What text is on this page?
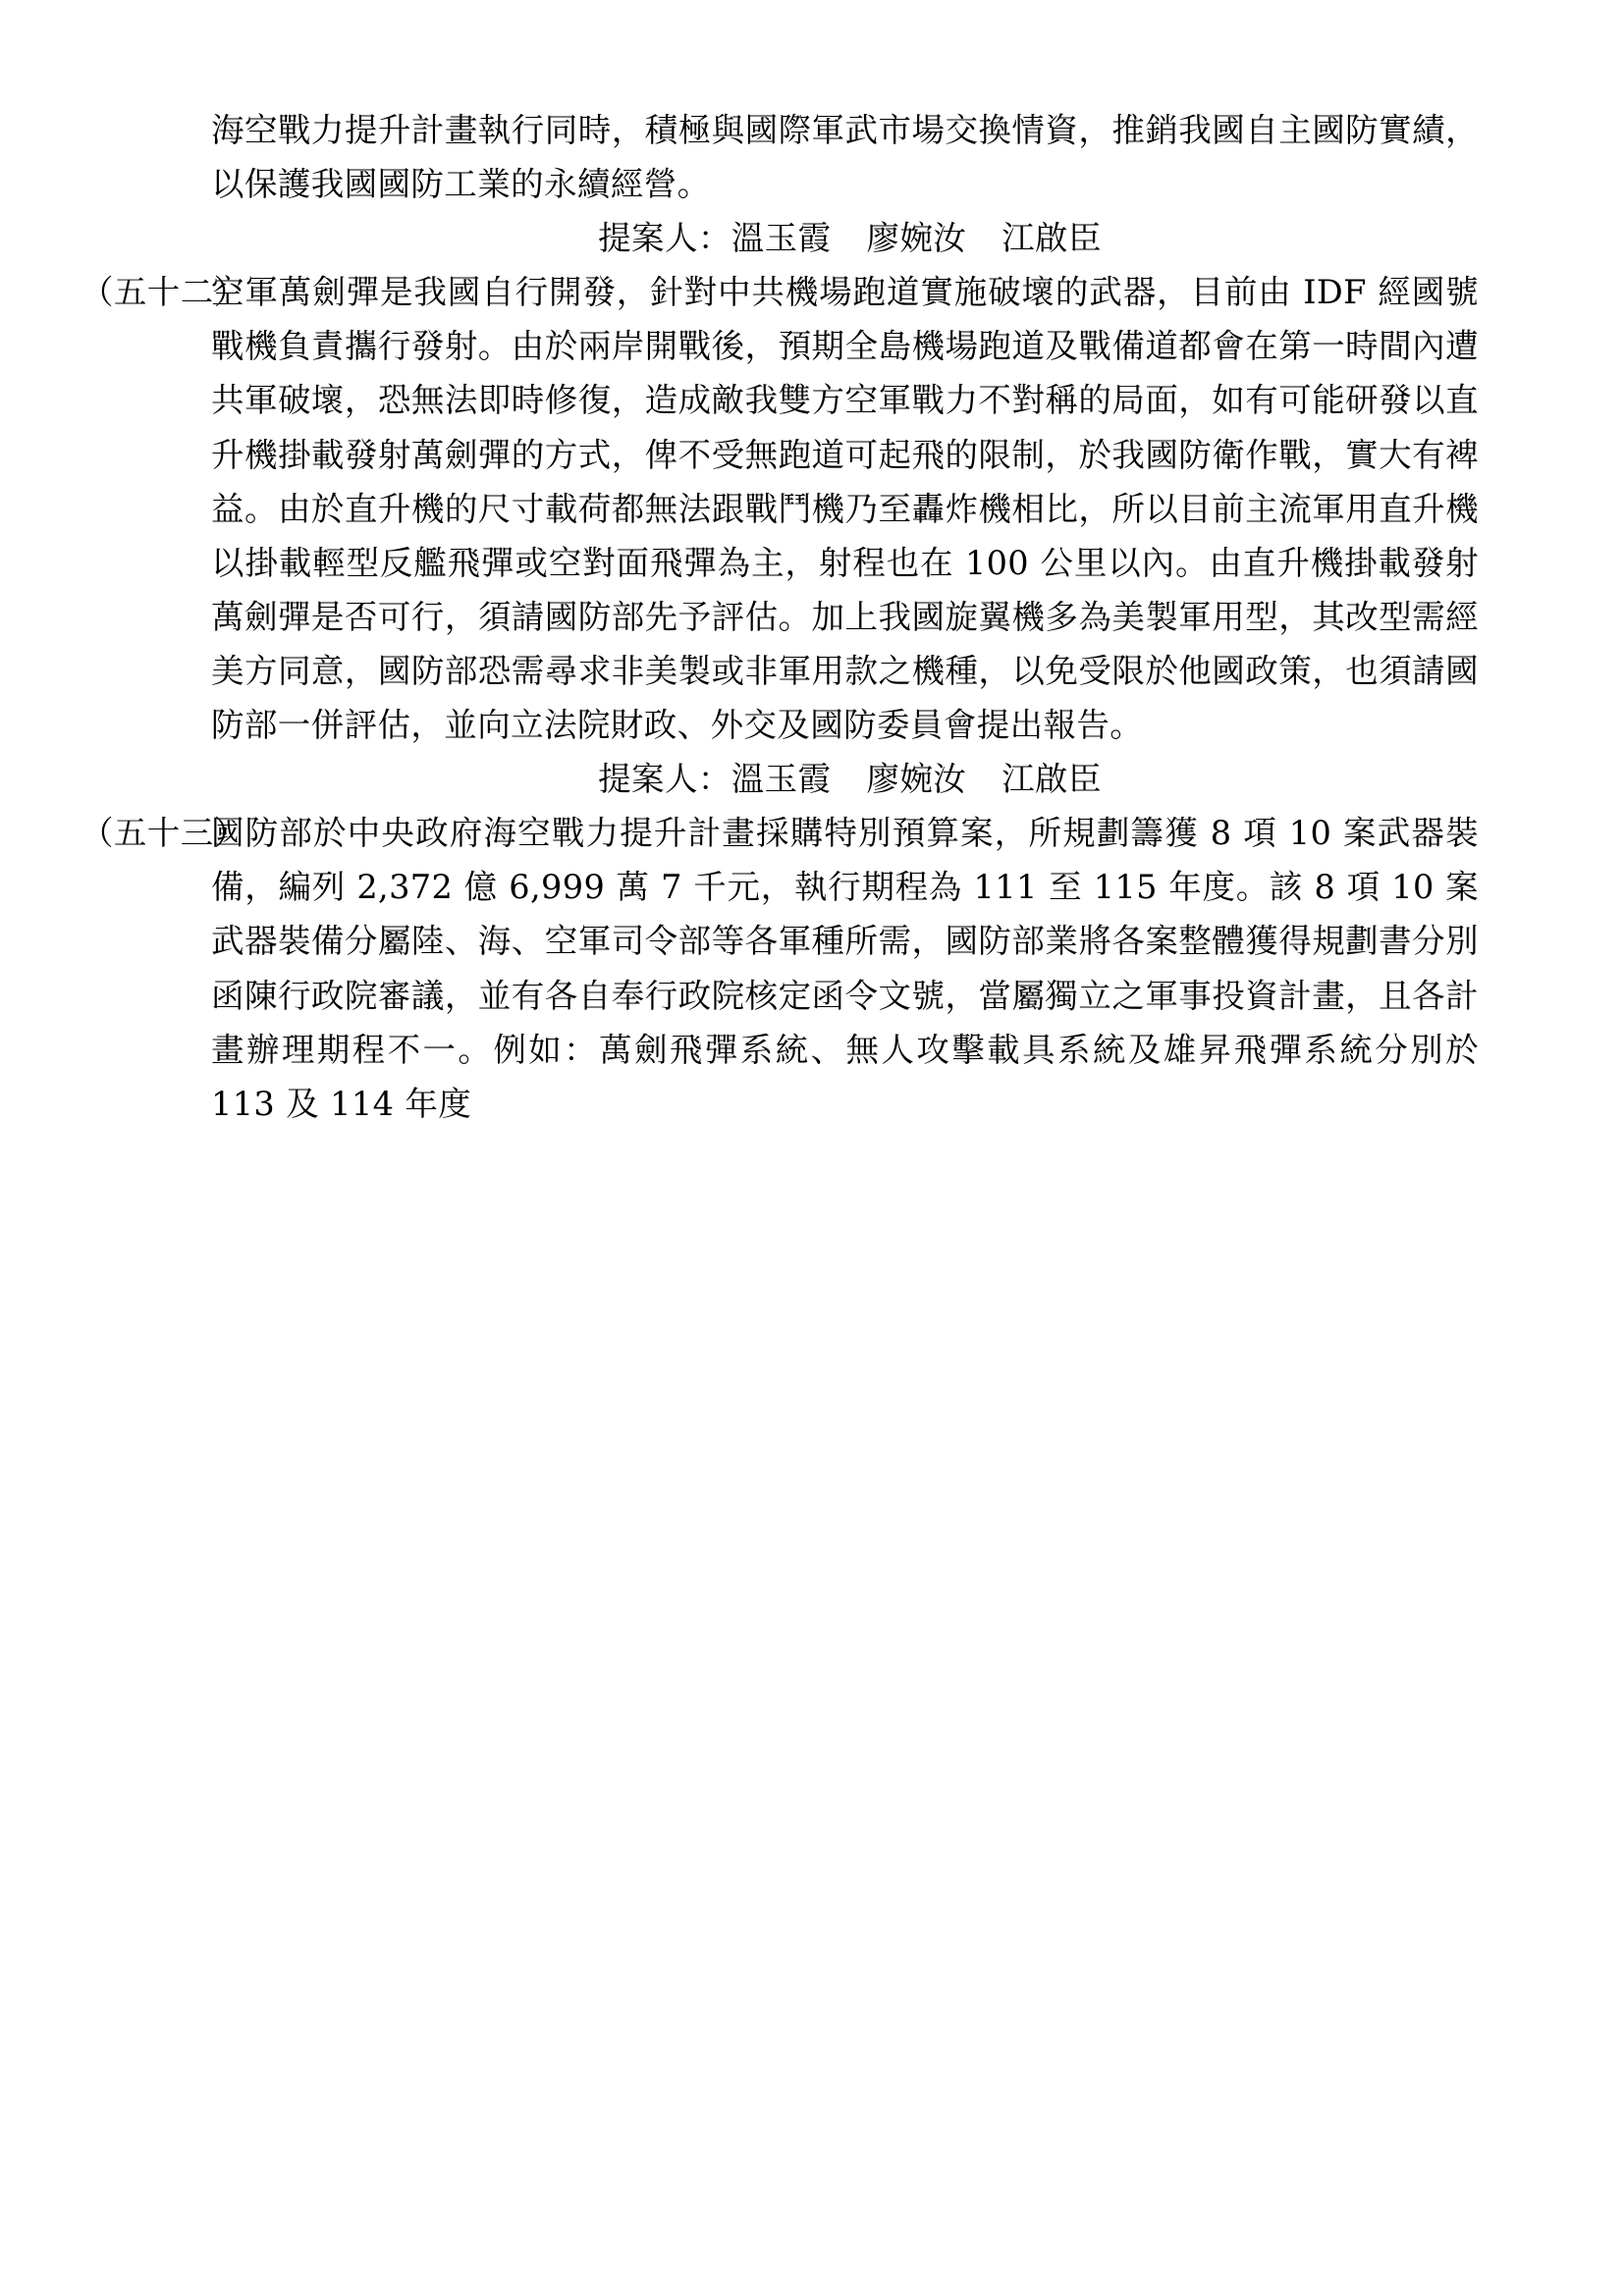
海空戰力提升計畫執行同時，積極與國際軍武市場交換情資，推銷我國自主國防實績，以保護我國國防工業的永續經營。

提案人：溫玉霞 廖婉汝 江啟臣

（五十二）
空軍萬劍彈是我國自行開發，針對中共機場跑道實施破壞的武器，目前由 IDF 經國號戰機負責攜行發射。由於兩岸開戰後，預期全島機場跑道及戰備道都會在第一時間內遭共軍破壞，恐無法即時修復，造成敵我雙方空軍戰力不對稱的局面，如有可能研發以直升機掛載發射萬劍彈的方式，俾不受無跑道可起飛的限制，於我國防衛作戰，實大有裨益。由於直升機的尺寸載荷都無法跟戰鬥機乃至轟炸機相比，所以目前主流軍用直升機以掛載輕型反艦飛彈或空對面飛彈為主，射程也在 100 公里以內。由直升機掛載發射萬劍彈是否可行，須請國防部先予評估。加上我國旋翼機多為美製軍用型，其改型需經美方同意，國防部恐需尋求非美製或非軍用款之機種，以免受限於他國政策，也須請國防部一併評估，並向立法院財政、外交及國防委員會提出報告。

提案人：溫玉霞 廖婉汝 江啟臣

（五十三）
國防部於中央政府海空戰力提升計畫採購特別預算案，所規劃籌獲 8 項 10 案武器裝備，編列 2,372 億 6,999 萬 7 千元，執行期程為 111 至 115 年度。該 8 項 10 案武器裝備分屬陸、海、空軍司令部等各軍種所需，國防部業將各案整體獲得規劃書分別函陳行政院審議，並有各自奉行政院核定函令文號，當屬獨立之軍事投資計畫，且各計畫辦理期程不一。例如：萬劍飛彈系統、無人攻擊載具系統及雄昇飛彈系統分別於 113 及 114 年度
